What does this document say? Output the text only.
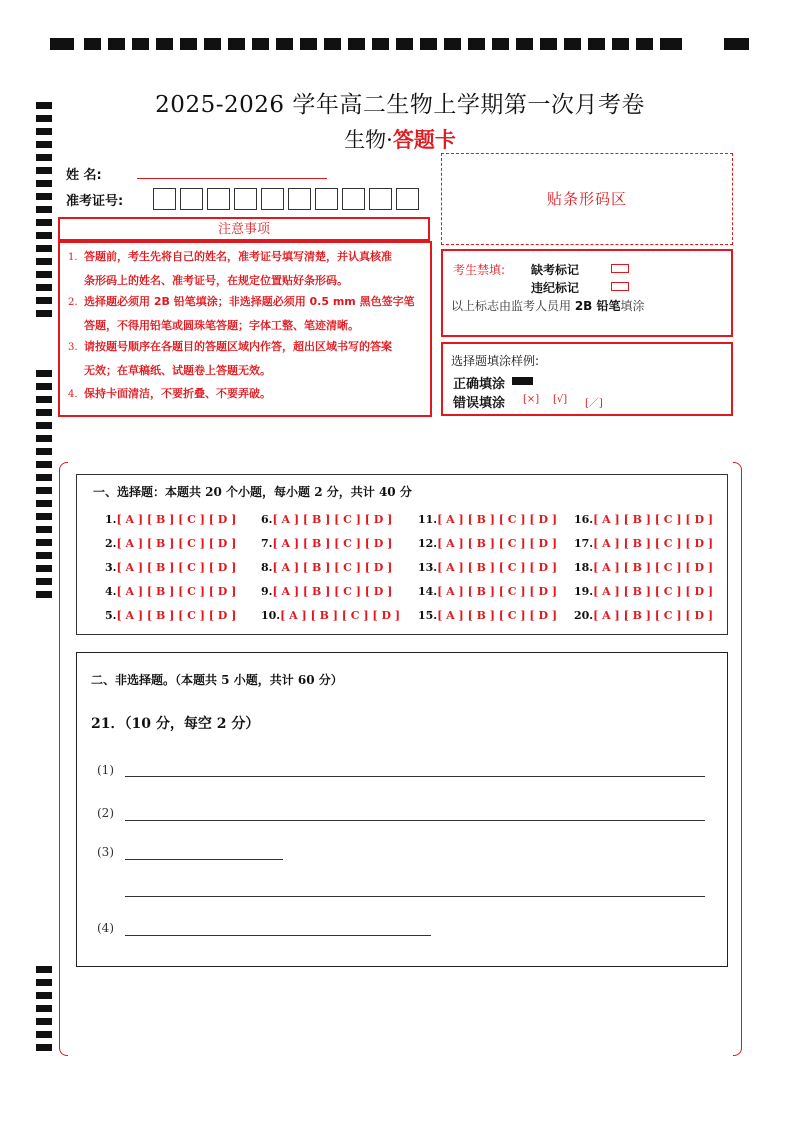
2025-2026 学年高二生物上学期第一次月考卷
生物·答题卡
姓 名:
准考证号:
注意事项
1. 答题前，考生先将自己的姓名，准考证号填写清楚，并认真核准
条形码上的姓名、准考证号，在规定位置贴好条形码。
2. 选择题必须用 2B 铅笔填涂；非选择题必须用 0.5 mm 黑色签字笔
答题，不得用铅笔或圆珠笔答题；字体工整、笔迹清晰。
3. 请按题号顺序在各题目的答题区域内作答，超出区域书写的答案
无效；在草稿纸、试题卷上答题无效。
4. 保持卡面清洁，不要折叠、不要弄破。
贴条形码区
考生禁填: 缺考标记
违纪标记
以上标志由监考人员用 2B 铅笔填涂
选择题填涂样例:
正确填涂
错误填涂 [×] [√] [／]
一、选择题：本题共 20 个小题，每小题 2 分，共计 40 分
1.[ A ] [ B ] [ C ] [ D ]
2.[ A ] [ B ] [ C ] [ D ]
3.[ A ] [ B ] [ C ] [ D ]
4.[ A ] [ B ] [ C ] [ D ]
5.[ A ] [ B ] [ C ] [ D ]
6.[ A ] [ B ] [ C ] [ D ]
7.[ A ] [ B ] [ C ] [ D ]
8.[ A ] [ B ] [ C ] [ D ]
9.[ A ] [ B ] [ C ] [ D ]
10.[ A ] [ B ] [ C ] [ D ]
11.[ A ] [ B ] [ C ] [ D ]
12.[ A ] [ B ] [ C ] [ D ]
13.[ A ] [ B ] [ C ] [ D ]
14.[ A ] [ B ] [ C ] [ D ]
15.[ A ] [ B ] [ C ] [ D ]
16.[ A ] [ B ] [ C ] [ D ]
17.[ A ] [ B ] [ C ] [ D ]
18.[ A ] [ B ] [ C ] [ D ]
19.[ A ] [ B ] [ C ] [ D ]
20.[ A ] [ B ] [ C ] [ D ]
二、非选择题。（本题共 5 小题，共计 60 分）
21．（10 分，每空 2 分）
(1)
(2)
(3)
(4)
